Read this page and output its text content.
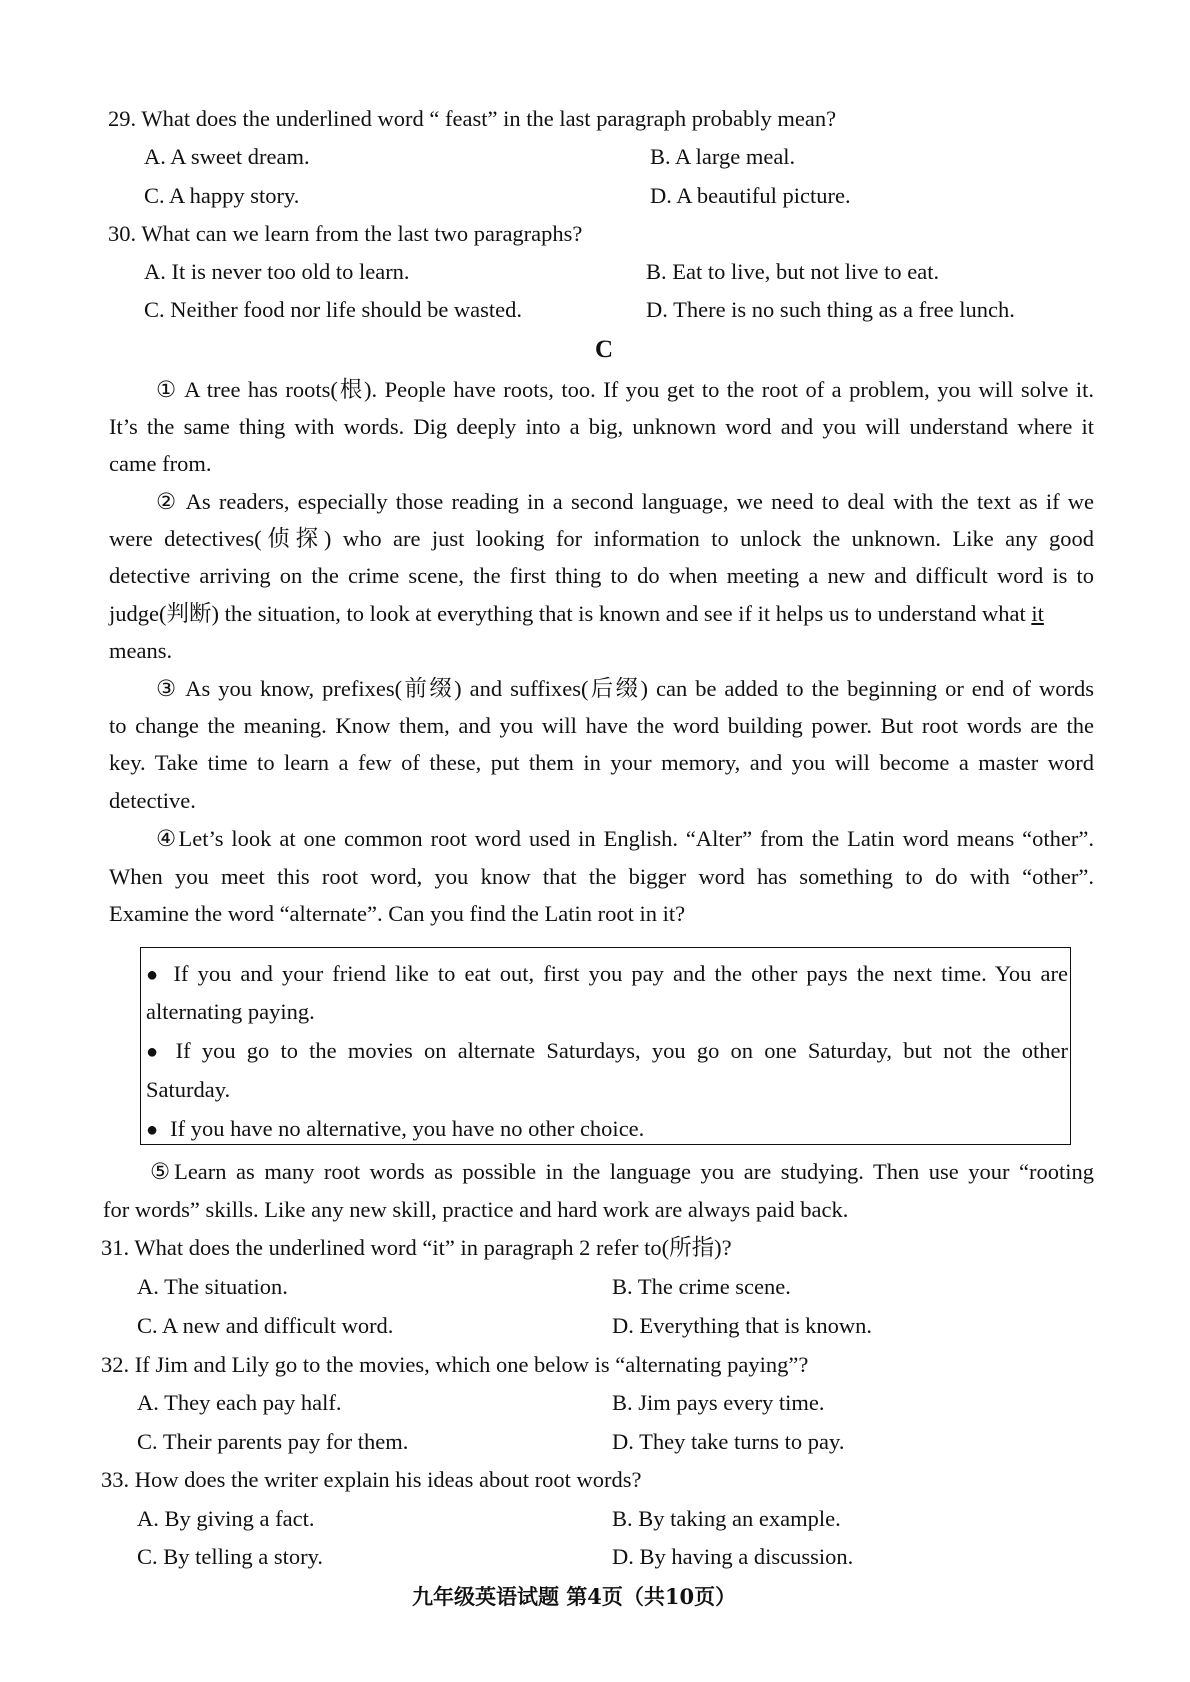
29. What does the underlined word “ feast” in the last paragraph probably mean?
A. A sweet dream.	B. A large meal.
C. A happy story.	D. A beautiful picture.
30. What can we learn from the last two paragraphs?
A. It is never too old to learn.	B. Eat to live, but not live to eat.
C. Neither food nor life should be wasted.	D. There is no such thing as a free lunch.
C
① A tree has roots(根). People have roots, too. If you get to the root of a problem, you will solve it.
It’s the same thing with words. Dig deeply into a big, unknown word and you will understand where it
came from.
② As readers, especially those reading in a second language, we need to deal with the text as if we
were detectives(侦探) who are just looking for information to unlock the unknown. Like any good
detective arriving on the crime scene, the first thing to do when meeting a new and difficult word is to
judge(判断) the situation, to look at everything that is known and see if it helps us to understand what it
means.
③ As you know, prefixes(前缀) and suffixes(后缀) can be added to the beginning or end of words
to change the meaning. Know them, and you will have the word building power. But root words are the
key. Take time to learn a few of these, put them in your memory, and you will become a master word
detective.
④Let’s look at one common root word used in English. “Alter” from the Latin word means “other”.
When you meet this root word, you know that the bigger word has something to do with “other”.
Examine the word “alternate”. Can you find the Latin root in it?
● If you and your friend like to eat out, first you pay and the other pays the next time. You are
alternating paying.
● If you go to the movies on alternate Saturdays, you go on one Saturday, but not the other
Saturday.
● If you have no alternative, you have no other choice.
⑤Learn as many root words as possible in the language you are studying. Then use your “rooting
for words” skills. Like any new skill, practice and hard work are always paid back.
31. What does the underlined word “it” in paragraph 2 refer to(所指)?
A. The situation.	B. The crime scene.
C. A new and difficult word.	D. Everything that is known.
32. If Jim and Lily go to the movies, which one below is “alternating paying”?
A. They each pay half.	B. Jim pays every time.
C. Their parents pay for them.	D. They take turns to pay.
33. How does the writer explain his ideas about root words?
A. By giving a fact.	B. By taking an example.
C. By telling a story.	D. By having a discussion.
九年级英语试题 第4页（共10页）
